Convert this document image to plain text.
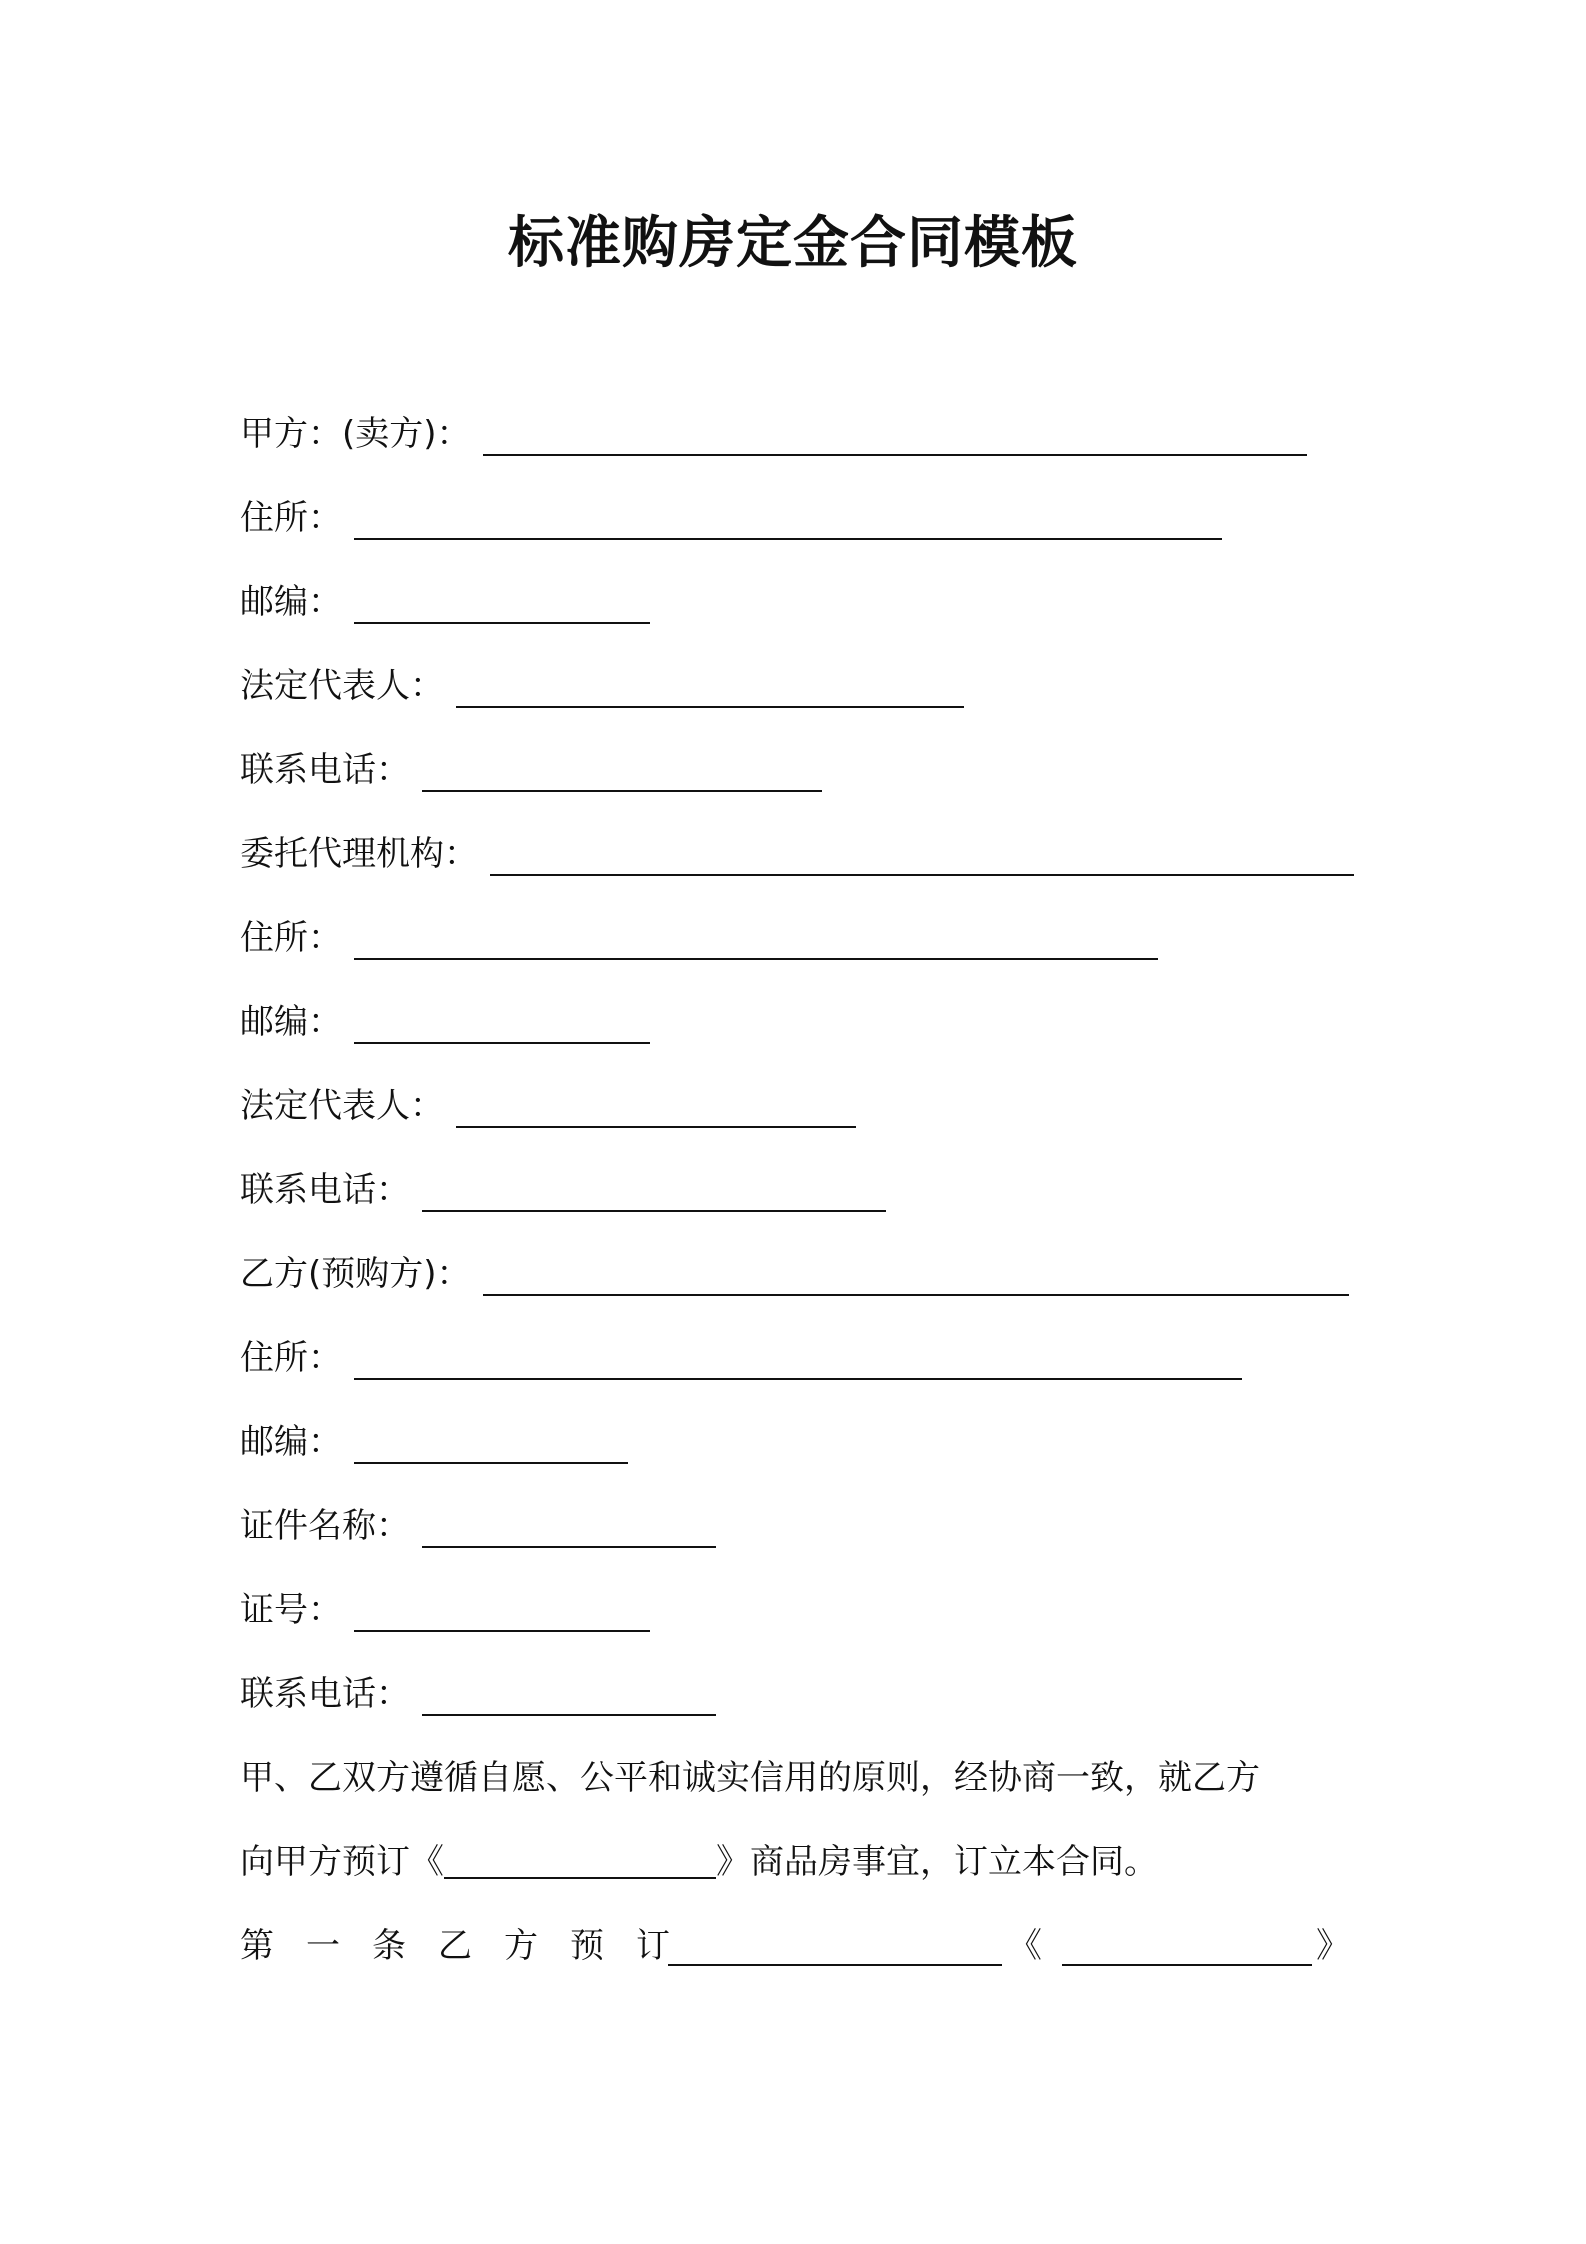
标准购房定金合同模板
甲方：(卖方)：
住所：
邮编：
法定代表人：
联系电话：
委托代理机构：
住所：
邮编：
法定代表人：
联系电话：
乙方(预购方)：
住所：
邮编：
证件名称：
证号：
联系电话：

甲、乙双方遵循自愿、公平和诚实信用的原则，经协商一致，就乙方

向甲方预订《	》商品房事宜，订立本合同。

第一条乙方预订	《	》
